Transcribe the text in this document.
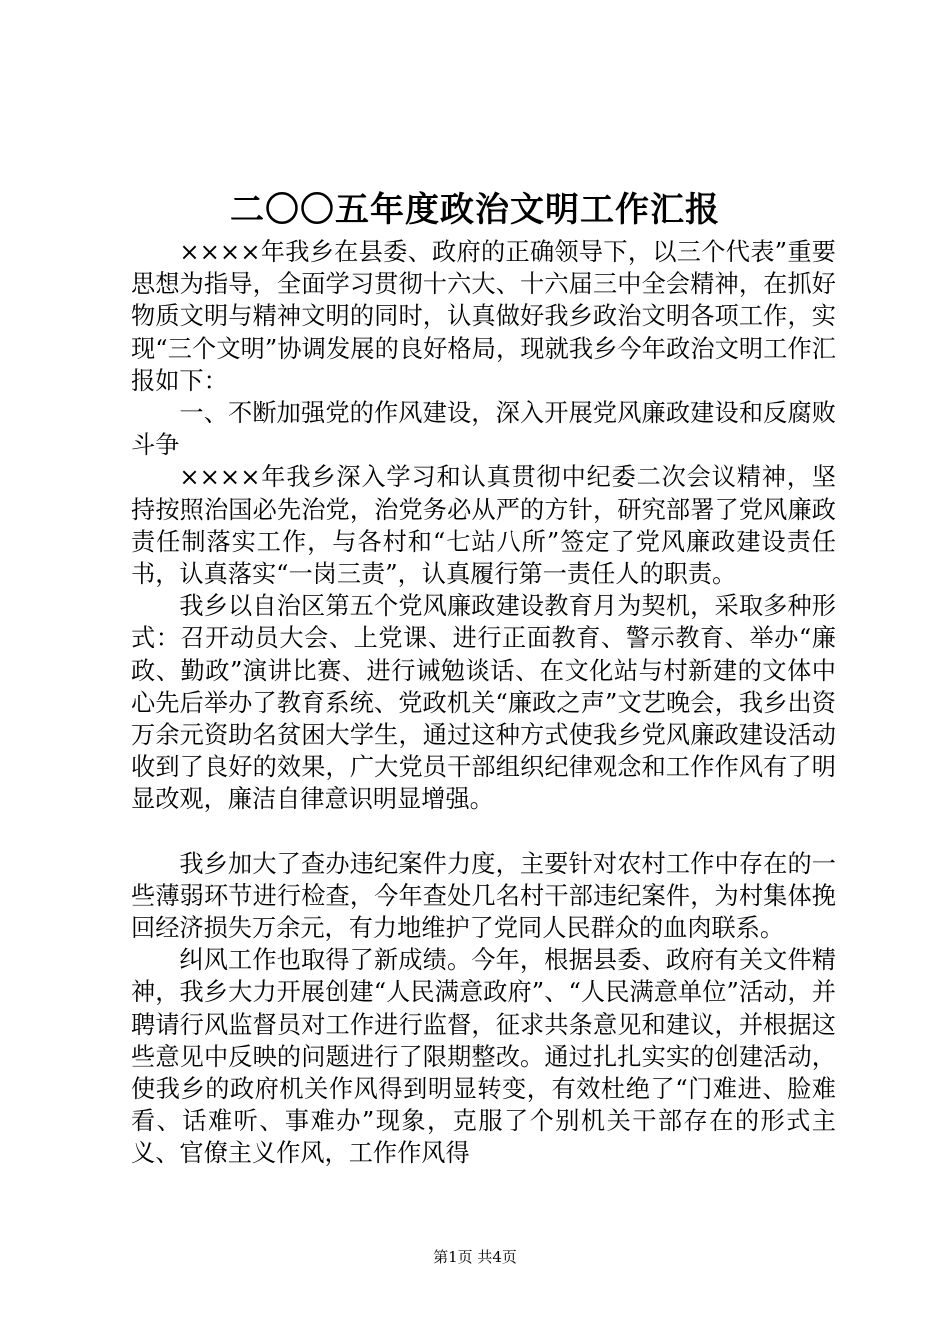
二〇〇五年度政治文明工作汇报

××××年我乡在县委、政府的正确领导下，以三个代表”重要思想为指导，全面学习贯彻十六大、十六届三中全会精神，在抓好物质文明与精神文明的同时，认真做好我乡政治文明各项工作，实现“三个文明”协调发展的良好格局，现就我乡今年政治文明工作汇报如下：

一、不断加强党的作风建设，深入开展党风廉政建设和反腐败斗争

××××年我乡深入学习和认真贯彻中纪委二次会议精神，坚持按照治国必先治党，治党务必从严的方针，研究部署了党风廉政责任制落实工作，与各村和“七站八所”签定了党风廉政建设责任书，认真落实“一岗三责”，认真履行第一责任人的职责。

我乡以自治区第五个党风廉政建设教育月为契机，采取多种形式：召开动员大会、上党课、进行正面教育、警示教育、举办“廉政、勤政”演讲比赛、进行诫勉谈话、在文化站与村新建的文体中心先后举办了教育系统、党政机关“廉政之声”文艺晚会，我乡出资万余元资助名贫困大学生，通过这种方式使我乡党风廉政建设活动收到了良好的效果，广大党员干部组织纪律观念和工作作风有了明显改观，廉洁自律意识明显增强。

我乡加大了查办违纪案件力度，主要针对农村工作中存在的一些薄弱环节进行检查，今年查处几名村干部违纪案件，为村集体挽回经济损失万余元，有力地维护了党同人民群众的血肉联系。

纠风工作也取得了新成绩。今年，根据县委、政府有关文件精神，我乡大力开展创建“人民满意政府”、“人民满意单位”活动，并聘请行风监督员对工作进行监督，征求共条意见和建议，并根据这些意见中反映的问题进行了限期整改。通过扎扎实实的创建活动，使我乡的政府机关作风得到明显转变，有效杜绝了“门难进、脸难看、话难听、事难办”现象，克服了个别机关干部存在的形式主义、官僚主义作风，工作作风得

第1页 共4页
